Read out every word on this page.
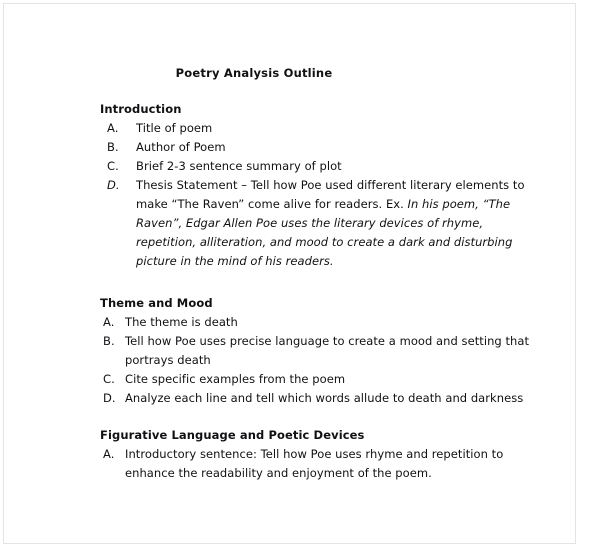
Poetry Analysis Outline
Introduction
A. Title of poem
B. Author of Poem
C. Brief 2-3 sentence summary of plot
D. Thesis Statement – Tell how Poe used different literary elements to make “The Raven” come alive for readers. Ex. In his poem, “The Raven”, Edgar Allen Poe uses the literary devices of rhyme, repetition, alliteration, and mood to create a dark and disturbing picture in the mind of his readers.
Theme and Mood
A. The theme is death
B. Tell how Poe uses precise language to create a mood and setting that portrays death
C. Cite specific examples from the poem
D. Analyze each line and tell which words allude to death and darkness
Figurative Language and Poetic Devices
A. Introductory sentence: Tell how Poe uses rhyme and repetition to enhance the readability and enjoyment of the poem.
